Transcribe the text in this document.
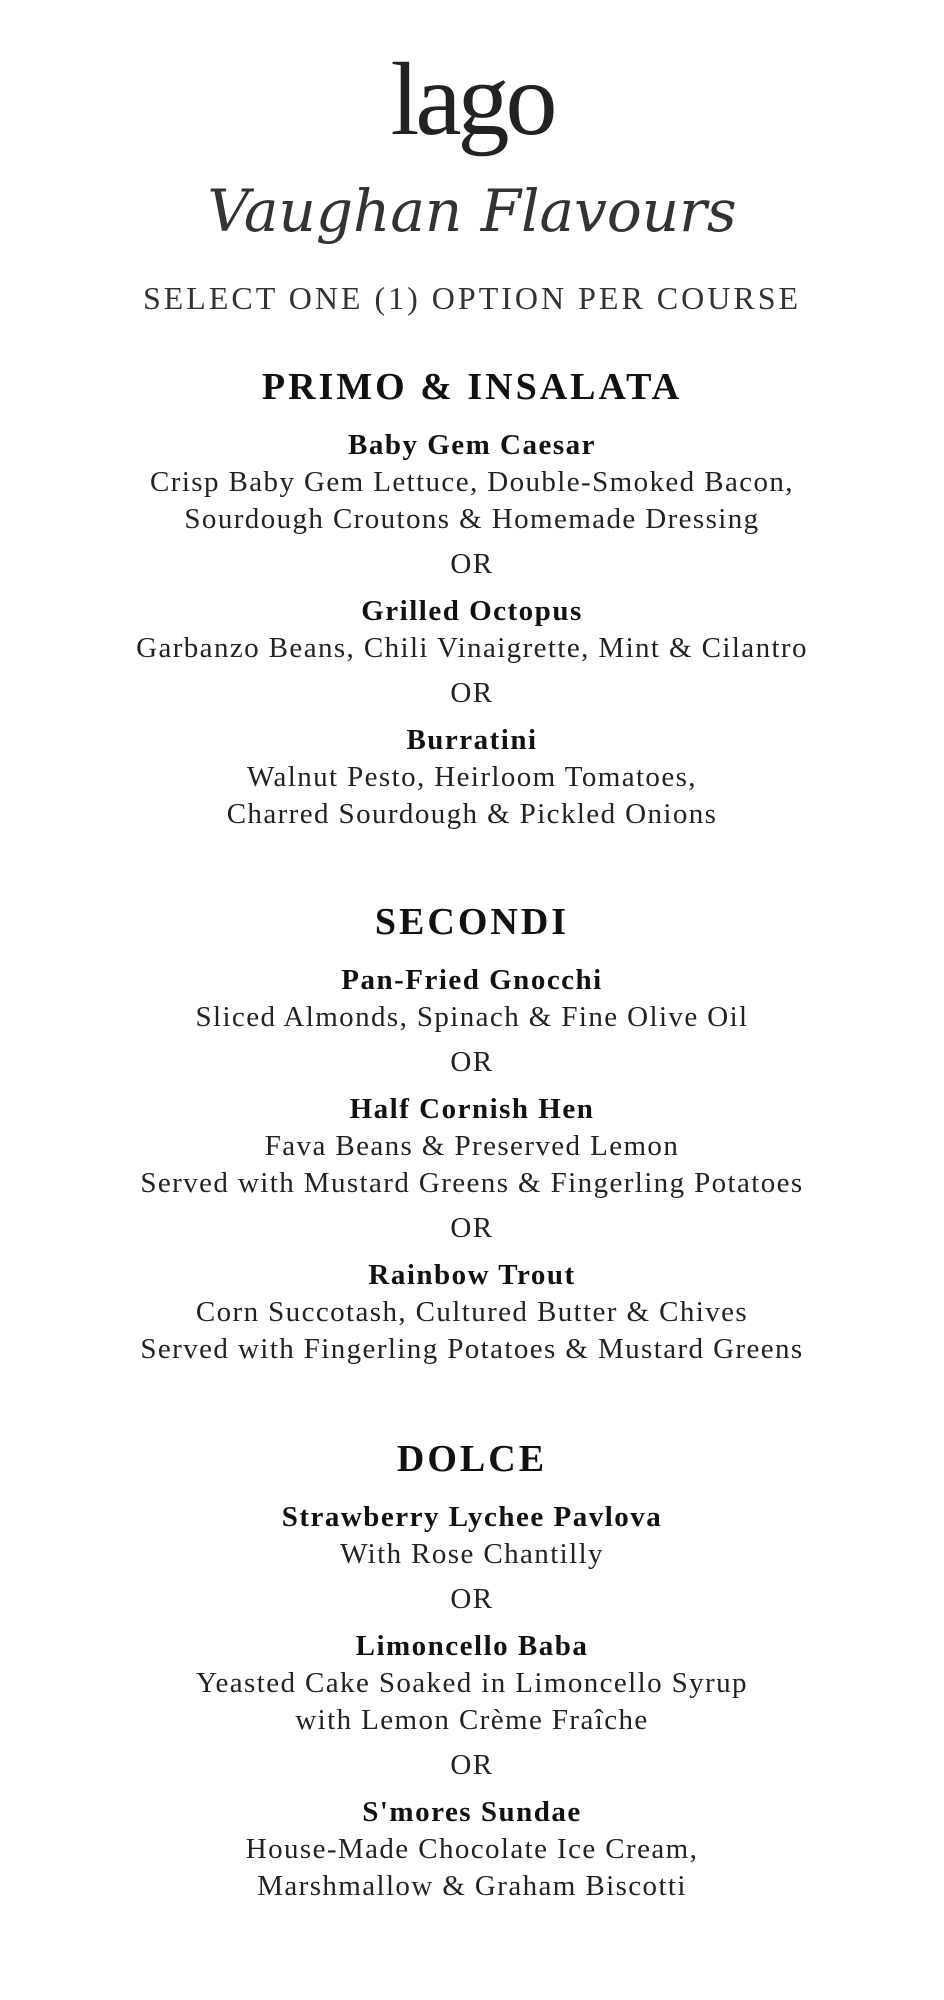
lago
Vaughan Flavours
SELECT ONE (1) OPTION PER COURSE
PRIMO & INSALATA
Baby Gem Caesar
Crisp Baby Gem Lettuce, Double-Smoked Bacon,
Sourdough Croutons & Homemade Dressing
OR
Grilled Octopus
Garbanzo Beans, Chili Vinaigrette, Mint & Cilantro
OR
Burratini
Walnut Pesto, Heirloom Tomatoes,
Charred Sourdough & Pickled Onions
SECONDI
Pan-Fried Gnocchi
Sliced Almonds, Spinach & Fine Olive Oil
OR
Half Cornish Hen
Fava Beans & Preserved Lemon
Served with Mustard Greens & Fingerling Potatoes
OR
Rainbow Trout
Corn Succotash, Cultured Butter & Chives
Served with Fingerling Potatoes & Mustard Greens
DOLCE
Strawberry Lychee Pavlova
With Rose Chantilly
OR
Limoncello Baba
Yeasted Cake Soaked in Limoncello Syrup
with Lemon Crème Fraîche
OR
S'mores Sundae
House-Made Chocolate Ice Cream,
Marshmallow & Graham Biscotti
